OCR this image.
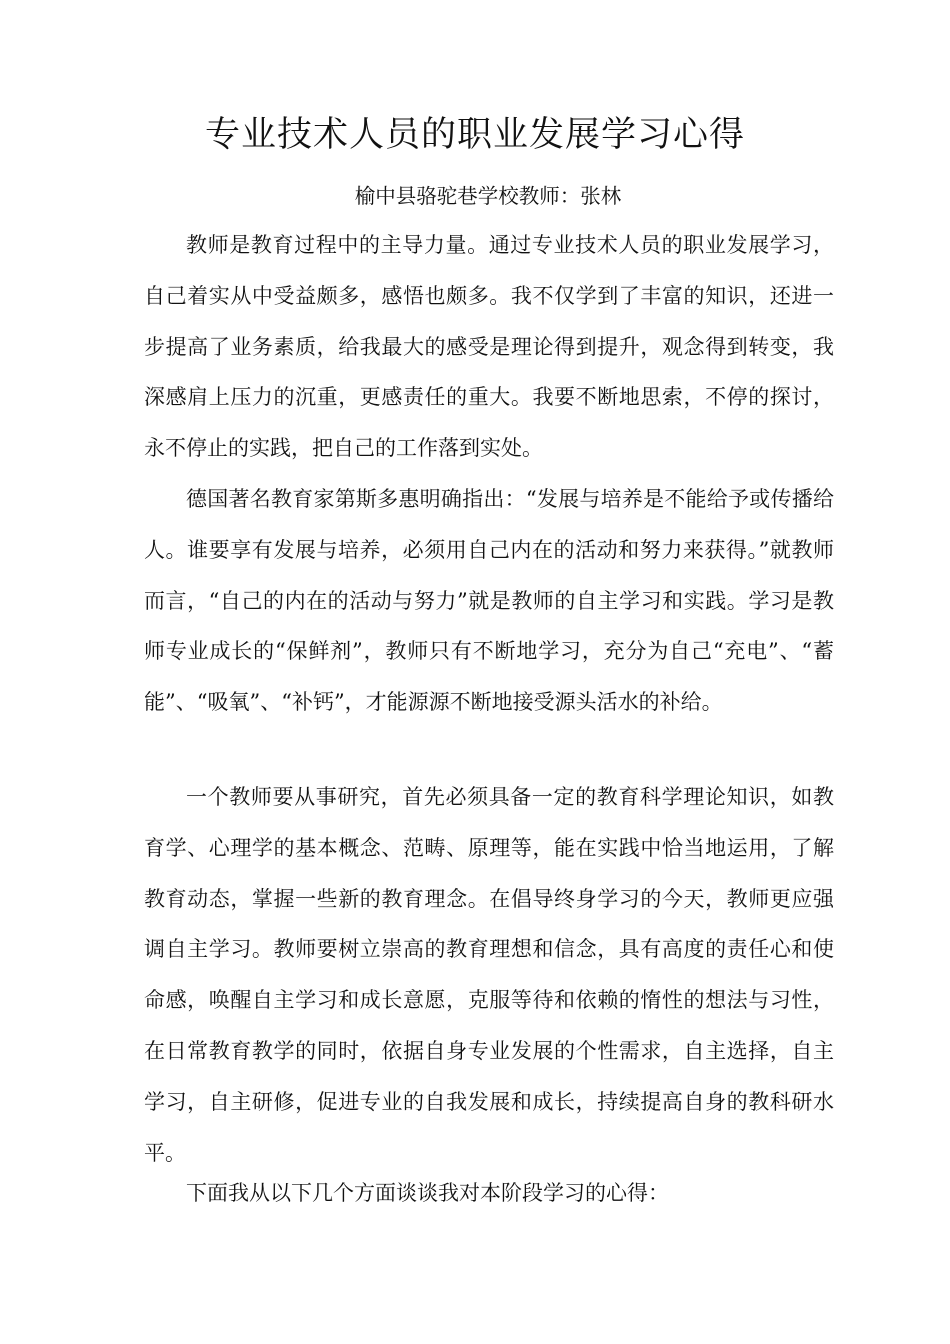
专业技术人员的职业发展学习心得
榆中县骆驼巷学校教师：张林

教师是教育过程中的主导力量。通过专业技术人员的职业发展学习，自己着实从中受益颇多，感悟也颇多。我不仅学到了丰富的知识，还进一步提高了业务素质，给我最大的感受是理论得到提升，观念得到转变，我深感肩上压力的沉重，更感责任的重大。我要不断地思索，不停的探讨，永不停止的实践，把自己的工作落到实处。

德国著名教育家第斯多惠明确指出：“发展与培养是不能给予或传播给人。谁要享有发展与培养，必须用自己内在的活动和努力来获得。”就教师而言，“自己的内在的活动与努力”就是教师的自主学习和实践。学习是教师专业成长的“保鲜剂”，教师只有不断地学习，充分为自己“充电”、“蓄能”、“吸氧”、“补钙”，才能源源不断地接受源头活水的补给。

一个教师要从事研究，首先必须具备一定的教育科学理论知识，如教育学、心理学的基本概念、范畴、原理等，能在实践中恰当地运用，了解教育动态，掌握一些新的教育理念。在倡导终身学习的今天，教师更应强调自主学习。教师要树立崇高的教育理想和信念，具有高度的责任心和使命感，唤醒自主学习和成长意愿，克服等待和依赖的惰性的想法与习性，在日常教育教学的同时，依据自身专业发展的个性需求，自主选择，自主学习，自主研修，促进专业的自我发展和成长，持续提高自身的教科研水平。

下面我从以下几个方面谈谈我对本阶段学习的心得：
